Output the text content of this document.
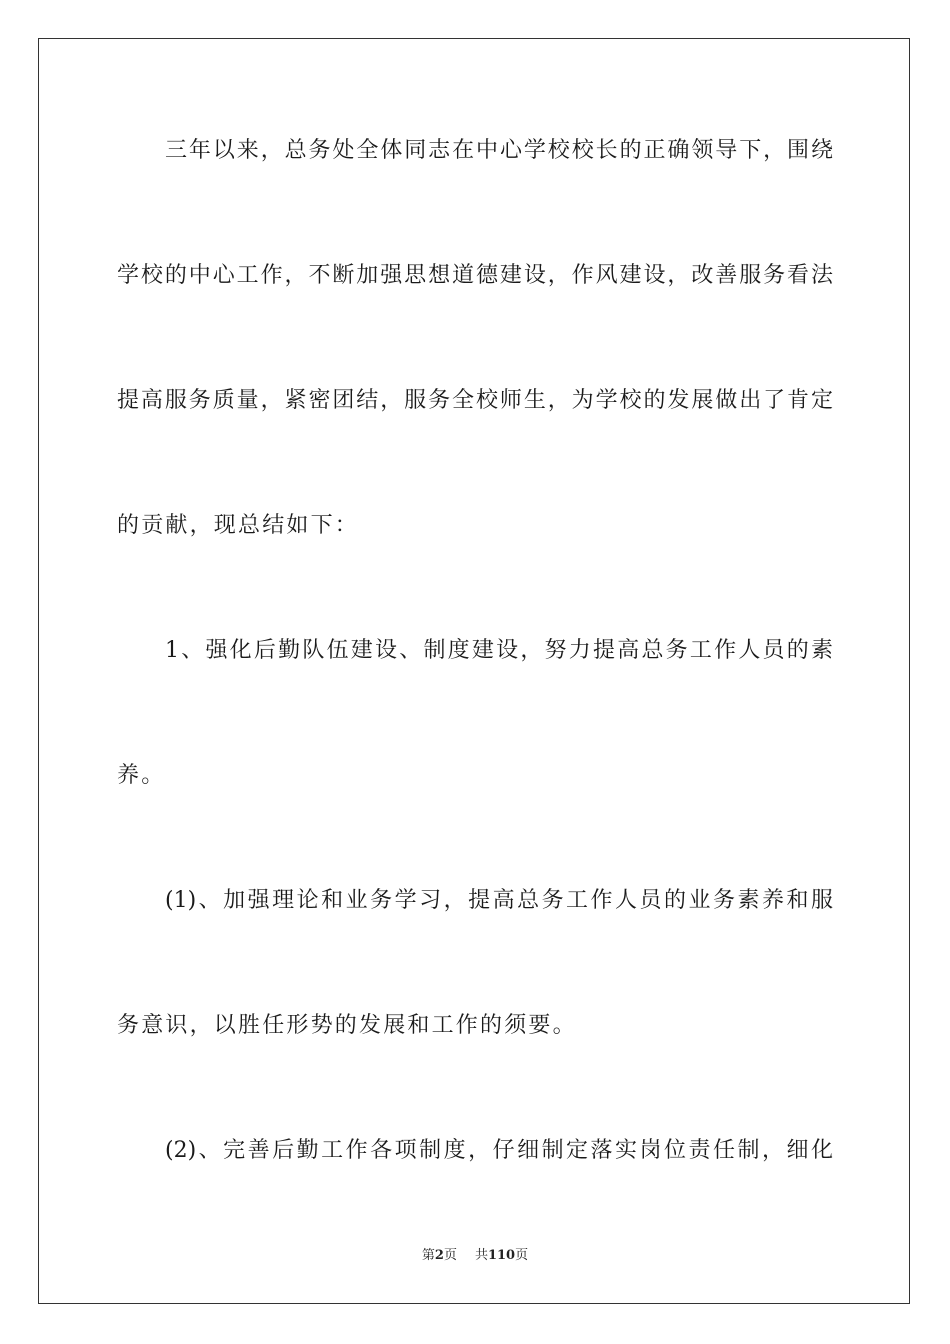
三年以来，总务处全体同志在中心学校校长的正确领导下，围绕
学校的中心工作，不断加强思想道德建设，作风建设，改善服务看法
提高服务质量，紧密团结，服务全校师生，为学校的发展做出了肯定
的贡献，现总结如下：
1、强化后勤队伍建设、制度建设，努力提高总务工作人员的素
养。
(1)、加强理论和业务学习，提高总务工作人员的业务素养和服
务意识，以胜任形势的发展和工作的须要。
(2)、完善后勤工作各项制度，仔细制定落实岗位责任制，细化
第2页 共110页
